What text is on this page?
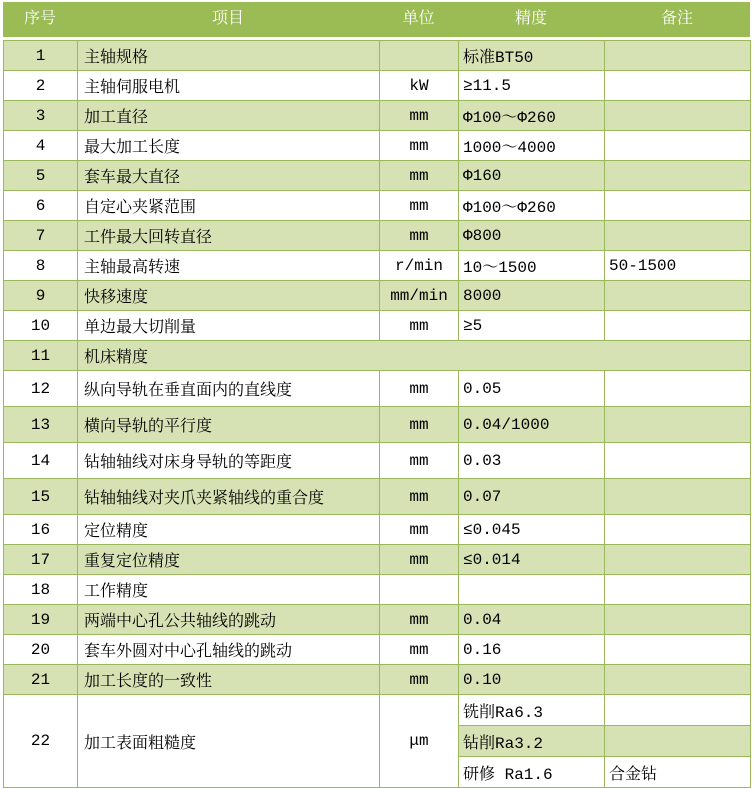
序号	项目	单位	精度	备注
1	主轴规格		标准BT50	
2	主轴伺服电机	kW	≥11.5	
3	加工直径	mm	Φ100～Φ260	
4	最大加工长度	mm	1000～4000	
5	套车最大直径	mm	Φ160	
6	自定心夹紧范围	mm	Φ100～Φ260	
7	工件最大回转直径	mm	Φ800	
8	主轴最高转速	r/min	10～1500	50-1500
9	快移速度	mm/min	8000	
10	单边最大切削量	mm	≥5	
11	机床精度			
12	纵向导轨在垂直面内的直线度	mm	0.05	
13	横向导轨的平行度	mm	0.04/1000	
14	钻轴轴线对床身导轨的等距度	mm	0.03	
15	钻轴轴线对夹爪夹紧轴线的重合度	mm	0.07	
16	定位精度	mm	≤0.045	
17	重复定位精度	mm	≤0.014	
18	工作精度			
19	两端中心孔公共轴线的跳动	mm	0.04	
20	套车外圆对中心孔轴线的跳动	mm	0.16	
21	加工长度的一致性	mm	0.10	
22	加工表面粗糙度	μm	铣削Ra6.3	
			钻削Ra3.2	
			研修 Ra1.6	合金钻
